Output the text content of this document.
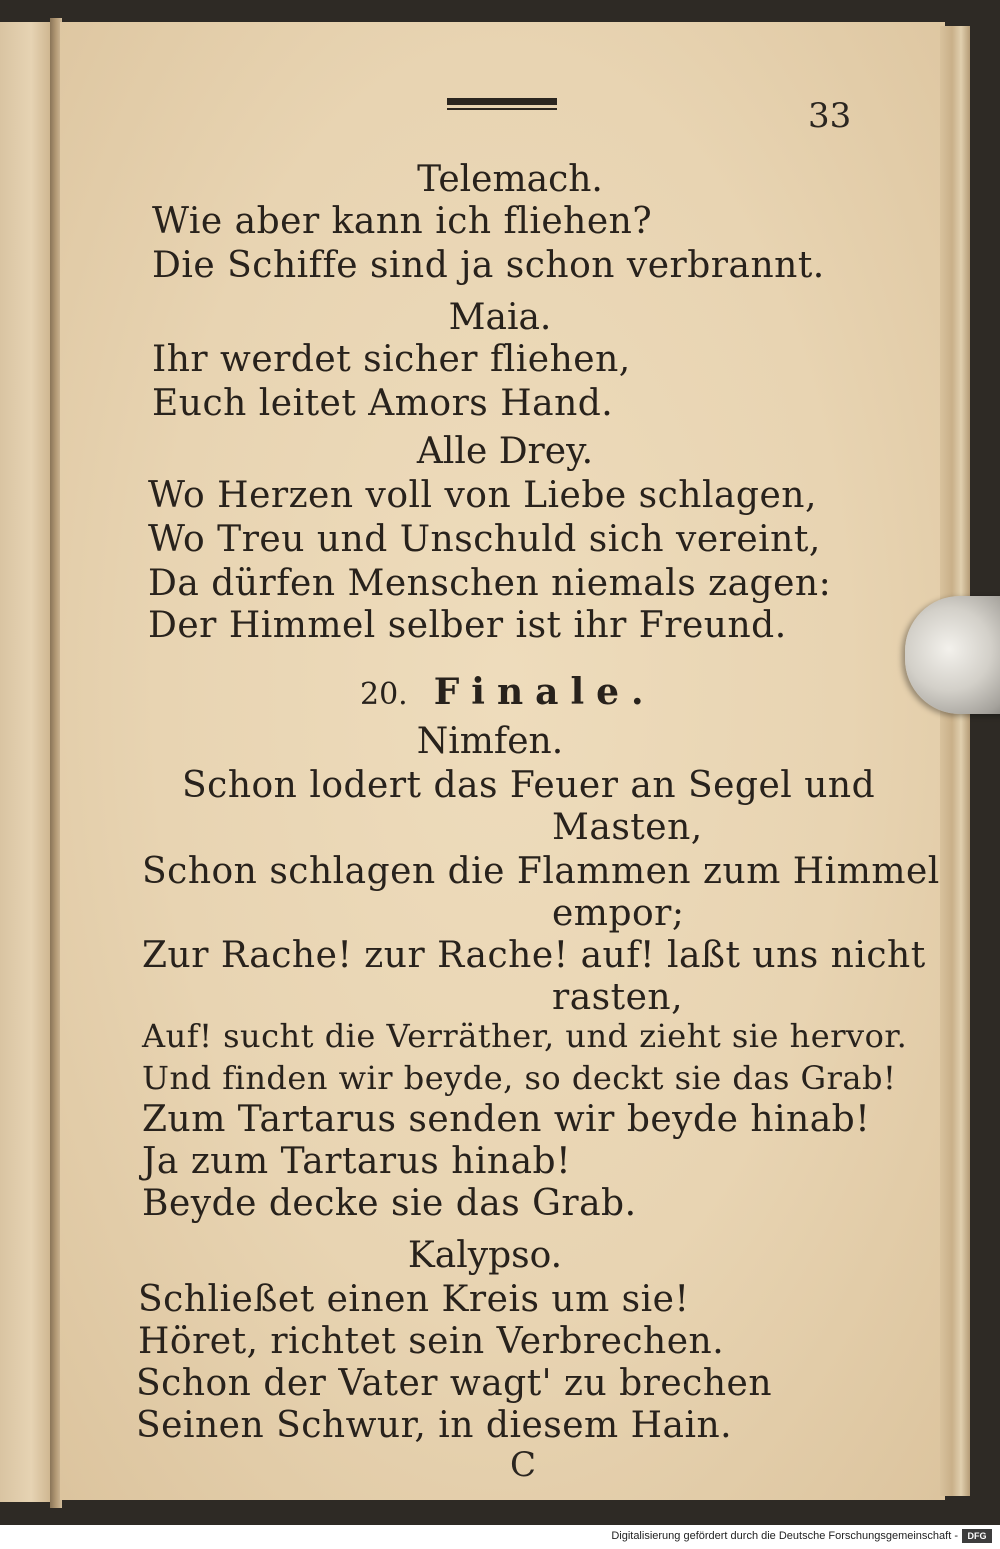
33
Telemach.
Wie aber kann ich fliehen?
Die Schiffe sind ja schon verbrannt.
Maia.
Ihr werdet sicher fliehen,
Euch leitet Amors Hand.
Alle Drey.
Wo Herzen voll von Liebe schlagen,
Wo Treu und Unschuld sich vereint,
Da dürfen Menschen niemals zagen:
Der Himmel selber ist ihr Freund.
20. Finale.
Nimfen.
Schon lodert das Feuer an Segel und
Masten,
Schon schlagen die Flammen zum Himmel
empor;
Zur Rache! zur Rache! auf! laßt uns nicht
rasten,
Auf! sucht die Verräther, und zieht sie hervor.
Und finden wir beyde, so deckt sie das Grab!
Zum Tartarus senden wir beyde hinab!
Ja zum Tartarus hinab!
Beyde decke sie das Grab.
Kalypso.
Schließet einen Kreis um sie!
Höret, richtet sein Verbrechen.
Schon der Vater wagt' zu brechen
Seinen Schwur, in diesem Hain.
C
Digitalisierung gefördert durch die Deutsche Forschungsgemeinschaft -	DFG
